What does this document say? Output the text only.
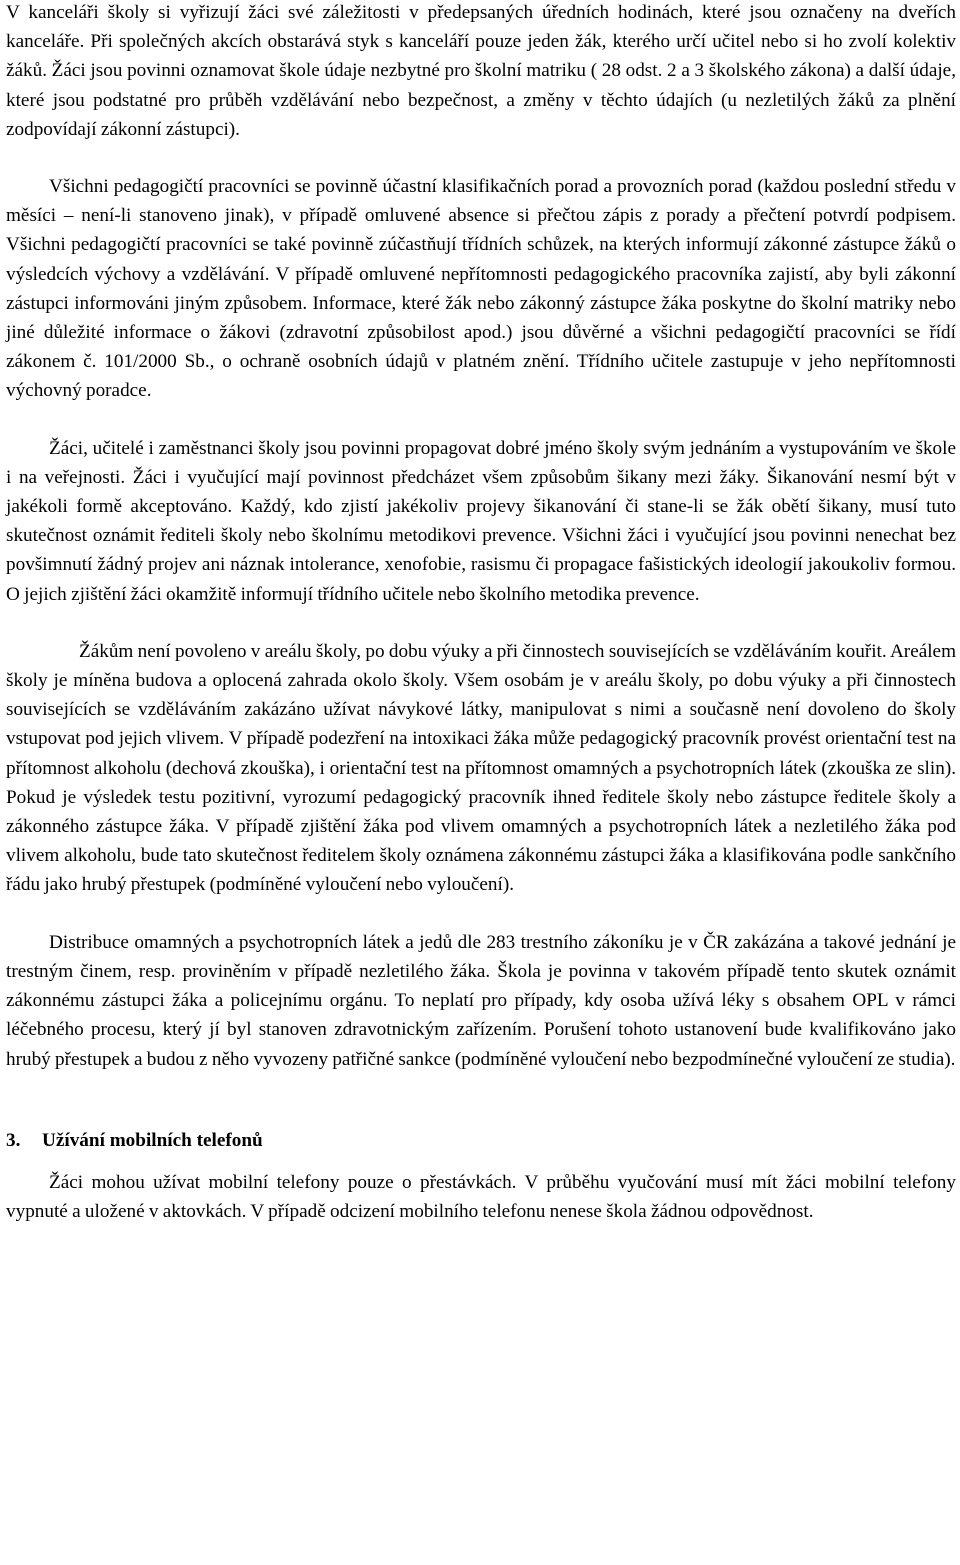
V kanceláři školy si vyřizují žáci své záležitosti v předepsaných úředních hodinách, které jsou označeny na dveřích kanceláře. Při společných akcích obstarává styk s kanceláří pouze jeden žák, kterého určí učitel nebo si ho zvolí kolektiv žáků. Žáci jsou povinni oznamovat škole údaje nezbytné pro školní matriku ( 28 odst. 2 a 3 školského zákona) a další údaje, které jsou podstatné pro průběh vzdělávání nebo bezpečnost, a změny v těchto údajích (u nezletilých žáků za plnění zodpovídají zákonní zástupci).

Všichni pedagogičtí pracovníci se povinně účastní klasifikačních porad a provozních porad (každou poslední středu v měsíci – není-li stanoveno jinak), v případě omluvené absence si přečtou zápis z porady a přečtení potvrdí podpisem. Všichni pedagogičtí pracovníci se také povinně zúčastňují třídních schůzek, na kterých informují zákonné zástupce žáků o výsledcích výchovy a vzdělávání. V případě omluvené nepřítomnosti pedagogického pracovníka zajistí, aby byli zákonní zástupci informováni jiným způsobem. Informace, které žák nebo zákonný zástupce žáka poskytne do školní matriky nebo jiné důležité informace o žákovi (zdravotní způsobilost apod.) jsou důvěrné a všichni pedagogičtí pracovníci se řídí zákonem č. 101/2000 Sb., o ochraně osobních údajů v platném znění. Třídního učitele zastupuje v jeho nepřítomnosti výchovný poradce.

Žáci, učitelé i zaměstnanci školy jsou povinni propagovat dobré jméno školy svým jednáním a vystupováním ve škole i na veřejnosti. Žáci i vyučující mají povinnost předcházet všem způsobům šikany mezi žáky. Šikanování nesmí být v jakékoli formě akceptováno. Každý, kdo zjistí jakékoliv projevy šikanování či stane-li se žák obětí šikany, musí tuto skutečnost oznámit řediteli školy nebo školnímu metodikovi prevence. Všichni žáci i vyučující jsou povinni nenechat bez povšimnutí žádný projev ani náznak intolerance, xenofobie, rasismu či propagace fašistických ideologií jakoukoliv formou. O jejich zjištění žáci okamžitě informují třídního učitele nebo školního metodika prevence.

Žákům není povoleno v areálu školy, po dobu výuky a při činnostech souvisejících se vzděláváním kouřit. Areálem školy je míněna budova a oplocená zahrada okolo školy. Všem osobám je v areálu školy, po dobu výuky a při činnostech souvisejících se vzděláváním zakázáno užívat návykové látky, manipulovat s nimi a současně není dovoleno do školy vstupovat pod jejich vlivem. V případě podezření na intoxikaci žáka může pedagogický pracovník provést orientační test na přítomnost alkoholu (dechová zkouška), i orientační test na přítomnost omamných a psychotropních látek (zkouška ze slin). Pokud je výsledek testu pozitivní, vyrozumí pedagogický pracovník ihned ředitele školy nebo zástupce ředitele školy a zákonného zástupce žáka. V případě zjištění žáka pod vlivem omamných a psychotropních látek a nezletilého žáka pod vlivem alkoholu, bude tato skutečnost ředitelem školy oznámena zákonnému zástupci žáka a klasifikována podle sankčního řádu jako hrubý přestupek (podmíněné vyloučení nebo vyloučení).

Distribuce omamných a psychotropních látek a jedů dle 283 trestního zákoníku je v ČR zakázána a takové jednání je trestným činem, resp. proviněním v případě nezletilého žáka. Škola je povinna v takovém případě tento skutek oznámit zákonnému zástupci žáka a policejnímu orgánu. To neplatí pro případy, kdy osoba užívá léky s obsahem OPL v rámci léčebného procesu, který jí byl stanoven zdravotnickým zařízením. Porušení tohoto ustanovení bude kvalifikováno jako hrubý přestupek a budou z něho vyvozeny patřičné sankce (podmíněné vyloučení nebo bezpodmínečné vyloučení ze studia).

3. Užívání mobilních telefonů

Žáci mohou užívat mobilní telefony pouze o přestávkách. V průběhu vyučování musí mít žáci mobilní telefony vypnuté a uložené v aktovkách. V případě odcizení mobilního telefonu nenese škola žádnou odpovědnost.
